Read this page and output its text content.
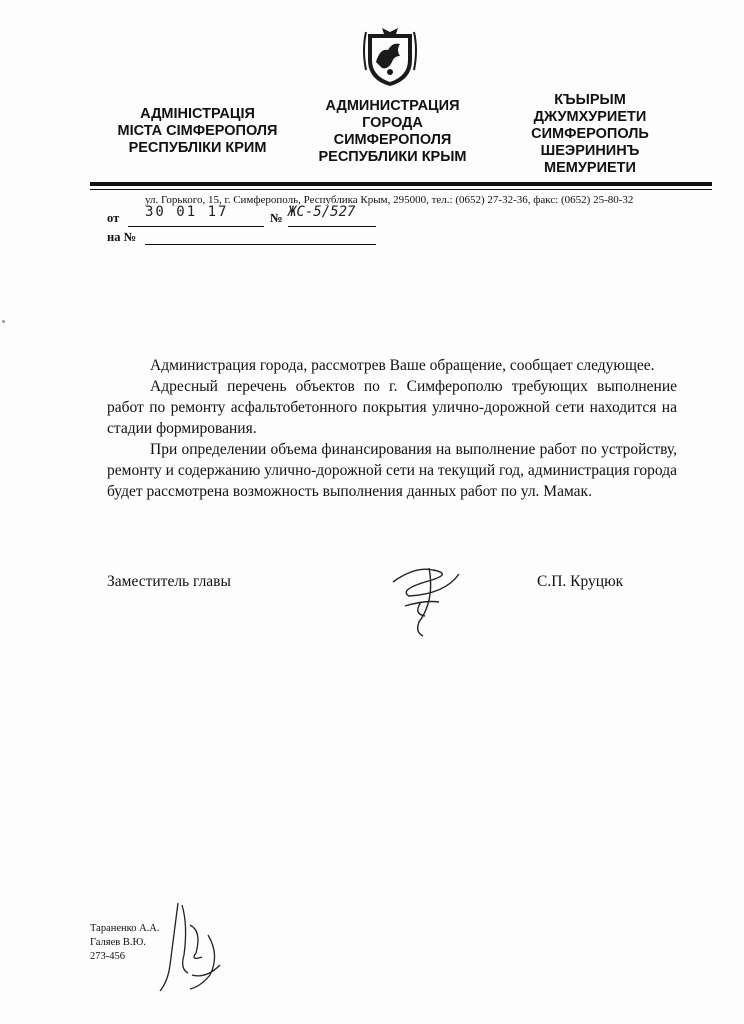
АДМІНІСТРАЦІЯ
МІСТА СІМФЕРОПОЛЯ
РЕСПУБЛІКИ КРИМ
АДМИНИСТРАЦИЯ
ГОРОДА
СИМФЕРОПОЛЯ
РЕСПУБЛИКИ КРЫМ
КЪЫРЫМ
ДЖУМХУРИЕТИ
СИМФЕРОПОЛЬ
ШЕЭРИНИНЪ
МЕМУРИЕТИ
ул. Горького, 15, г. Симферополь, Республика Крым, 295000, тел.: (0652) 27-32-36, факс: (0652) 25-80-32
от 30 01 17	№ ЖС-5/527
на №

Администрация города, рассмотрев Ваше обращение, сообщает следующее.

Адресный перечень объектов по г. Симферополю требующих выполнение работ по ремонту асфальтобетонного покрытия улично-дорожной сети находится на стадии формирования.

При определении объема финансирования на выполнение работ по устройству, ремонту и содержанию улично-дорожной сети на текущий год, администрация города будет рассмотрена возможность выполнения данных работ по ул. Мамак.

Заместитель главы	С.П. Круцюк
Тараненко А.А.
Галяев В.Ю.
273-456
